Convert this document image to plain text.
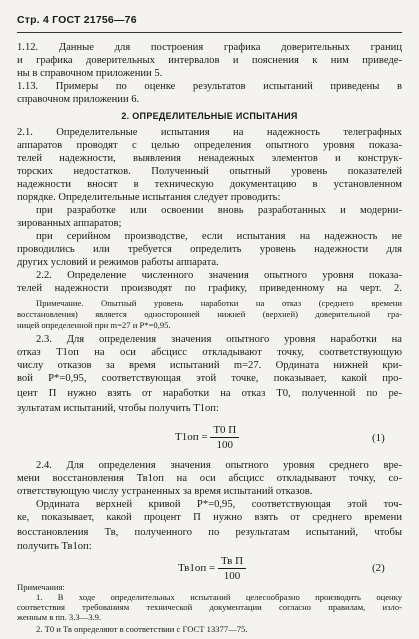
Стр. 4 ГОСТ 21756—76
1.12. Данные для построения графика доверительных границ
и графика доверительных интервалов и пояснения к ним приведе-
ны в справочном приложении 5.
1.13. Примеры по оценке результатов испытаний приведены в
справочном приложении 6.
2. ОПРЕДЕЛИТЕЛЬНЫЕ ИСПЫТАНИЯ
2.1. Определительные испытания на надежность телеграфных
аппаратов проводят с целью определения опытного уровня показа-
телей надежности, выявления ненадежных элементов и конструк-
торских недостатков. Полученный опытный уровень показателей
надежности вносят в техническую документацию в установленном
порядке. Определительные испытания следует проводить:
при разработке или освоении вновь разработанных и модерни-
зированных аппаратов;
при серийном производстве, если испытания на надежность не
проводились или требуется определить уровень надежности для
других условий и режимов работы аппарата.
2.2. Определение численного значения опытного уровня показа-
телей надежности производят по графику, приведенному на черт. 2.
Примечание. Опытный уровень наработки на отказ (среднего времени
восстановления) является односторонней нижней (верхней) доверительной гра-
ницей определенной при m=27 и P*=0,95.
2.3. Для определения значения опытного уровня наработки на
отказ Т1оп на оси абсцисс откладывают точку, соответствующую
числу отказов за время испытаний m=27. Ордината нижней кри-
вой P*=0,95, соответствующая этой точке, показывает, какой про-
цент П нужно взять от наработки на отказ Т0, полученной по ре-
зультатам испытаний, чтобы получить Т1оп:
$Т1оп = \frac{Т0 П}{100}$	(1)
2.4. Для определения значения опытного уровня среднего вре-
мени восстановления Тв1оп на оси абсцисс откладывают точку, со-
ответствующую числу устраненных за время испытаний отказов.
Ордината верхней кривой P*=0,95, соответствующая этой точ-
ке, показывает, какой процент П нужно взять от среднего времени
восстановления Тв, полученного по результатам испытаний, чтобы
получить Тв1оп:
$Тв1оп = \frac{\text{Тв П}}{100}$	(2)
Примечания:
1. В ходе определительных испытаний целесообразно производить оценку
соответствия требованиям технической документации согласно правилам, изло-
женным в пп. 3.3—3.9.
2. Т0 и Тв определяют в соответствии с ГОСТ 13377—75.
